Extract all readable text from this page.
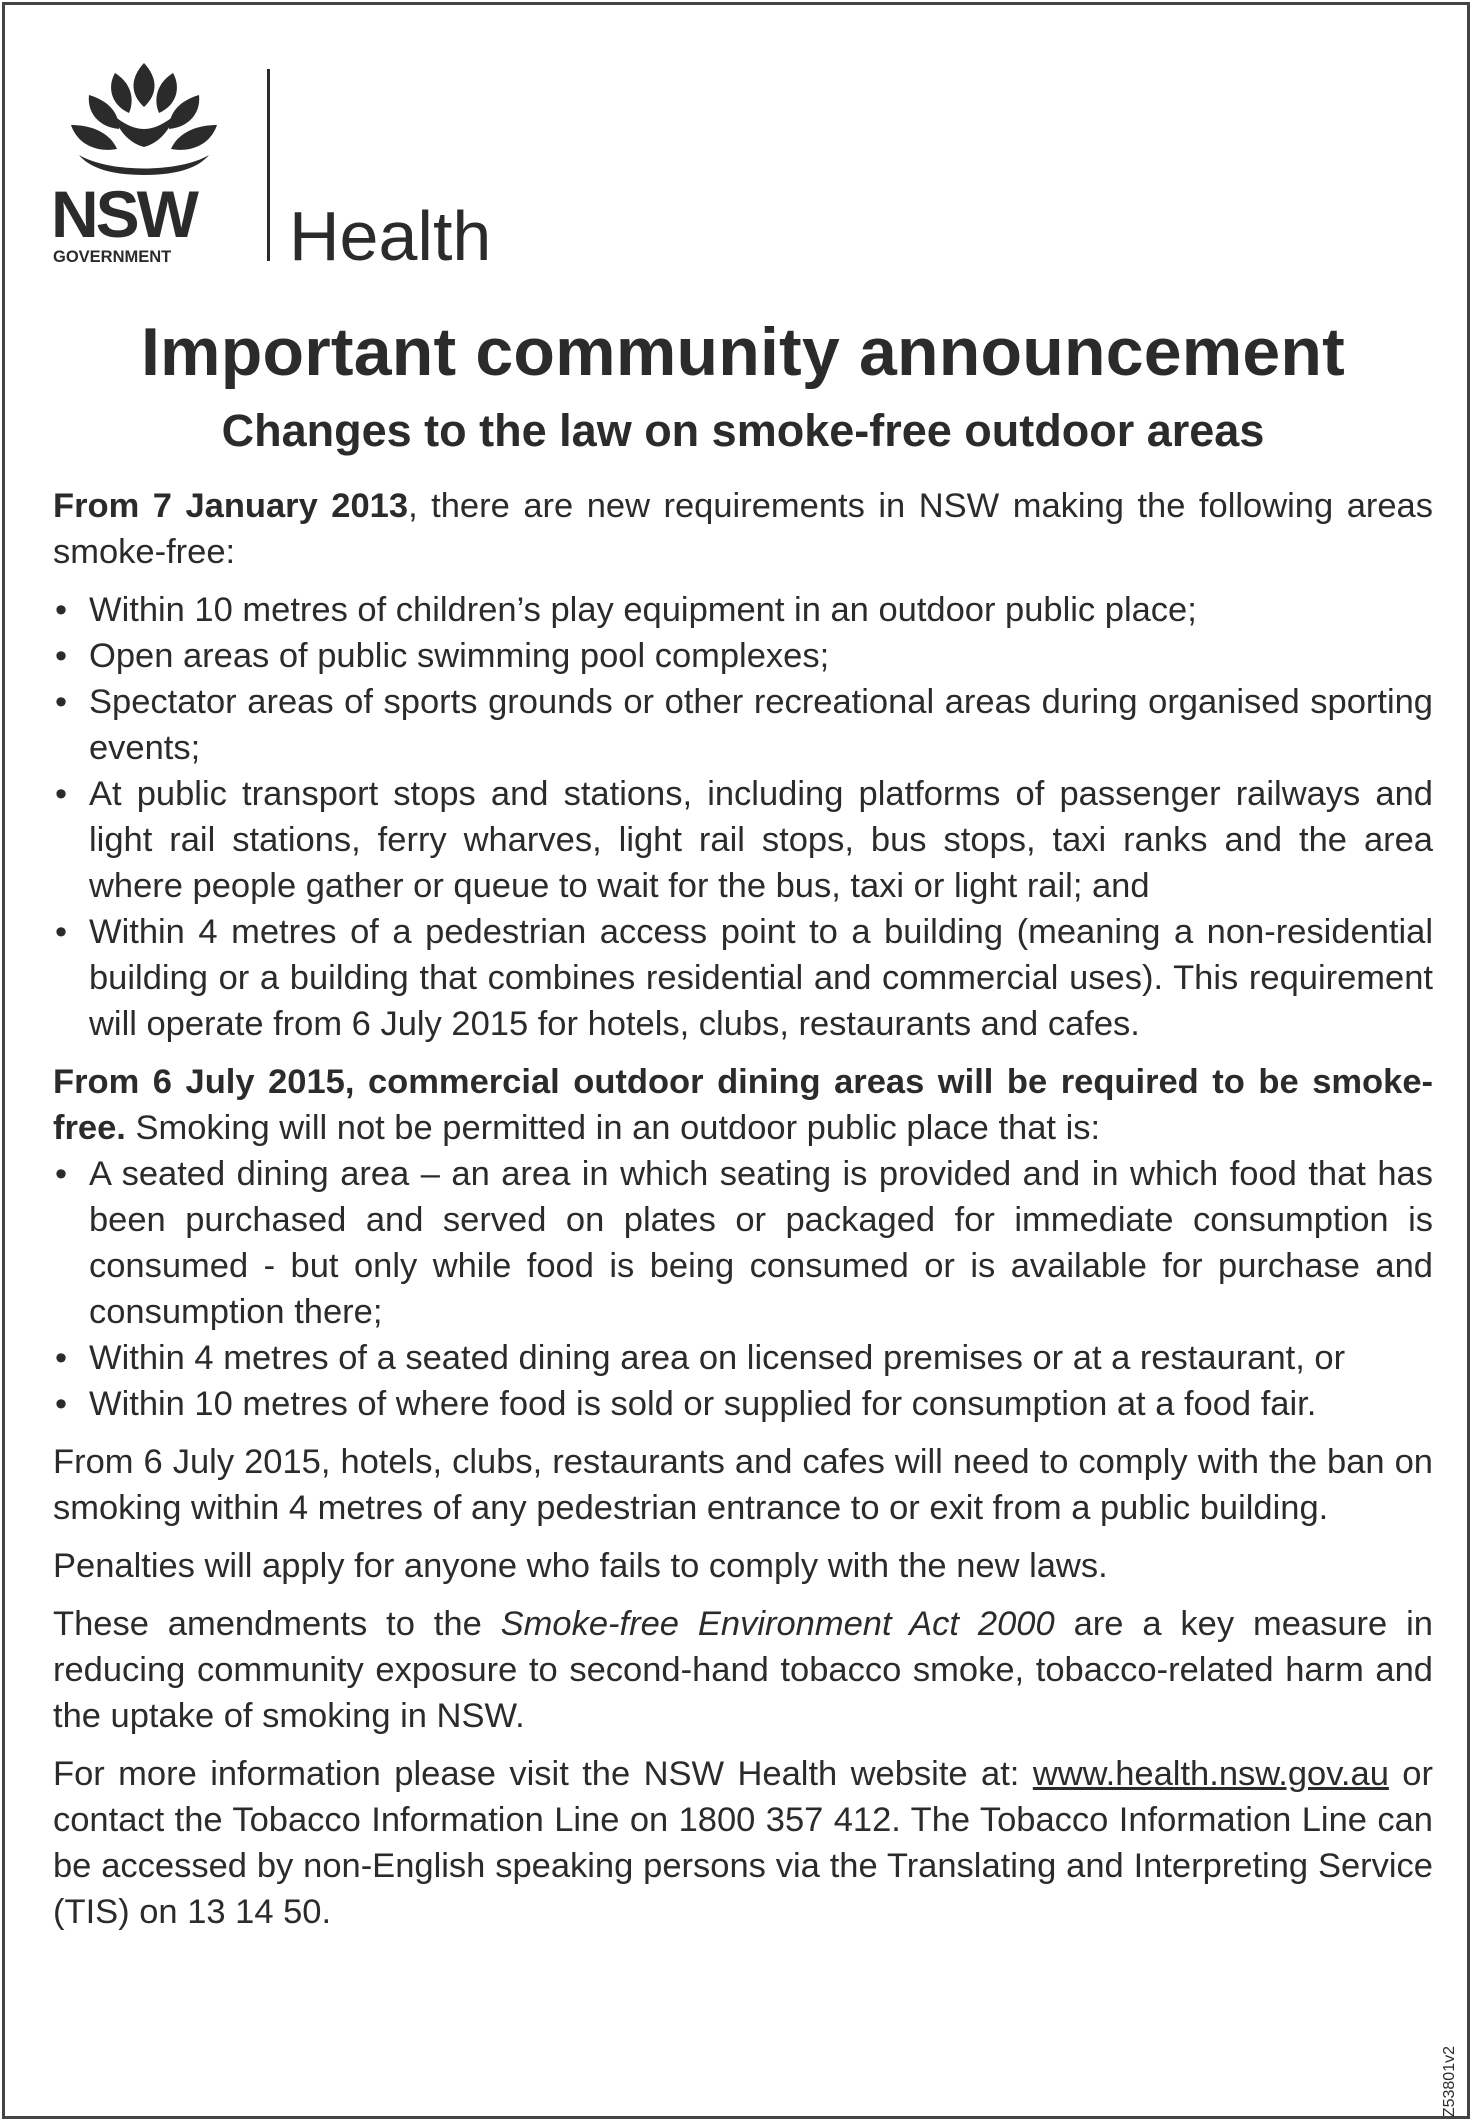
NSW
GOVERNMENT Health
Important community announcement
Changes to the law on smoke-free outdoor areas

From 7 January 2013, there are new requirements in NSW making the following areas smoke-free:

• Within 10 metres of children’s play equipment in an outdoor public place;
• Open areas of public swimming pool complexes;
• Spectator areas of sports grounds or other recreational areas during organised sporting events;
• At public transport stops and stations, including platforms of passenger railways and light rail stations, ferry wharves, light rail stops, bus stops, taxi ranks and the area where people gather or queue to wait for the bus, taxi or light rail; and
• Within 4 metres of a pedestrian access point to a building (meaning a non-residential building or a building that combines residential and commercial uses). This requirement will operate from 6 July 2015 for hotels, clubs, restaurants and cafes.

From 6 July 2015, commercial outdoor dining areas will be required to be smoke-free. Smoking will not be permitted in an outdoor public place that is:

• A seated dining area – an area in which seating is provided and in which food that has been purchased and served on plates or packaged for immediate consumption is consumed - but only while food is being consumed or is available for purchase and consumption there;
• Within 4 metres of a seated dining area on licensed premises or at a restaurant, or
• Within 10 metres of where food is sold or supplied for consumption at a food fair.

From 6 July 2015, hotels, clubs, restaurants and cafes will need to comply with the ban on smoking within 4 metres of any pedestrian entrance to or exit from a public building.

Penalties will apply for anyone who fails to comply with the new laws.

These amendments to the Smoke-free Environment Act 2000 are a key measure in reducing community exposure to second-hand tobacco smoke, tobacco-related harm and the uptake of smoking in NSW.

For more information please visit the NSW Health website at: www.health.nsw.gov.au or contact the Tobacco Information Line on 1800 357 412. The Tobacco Information Line can be accessed by non-English speaking persons via the Translating and Interpreting Service (TIS) on 13 14 50.

Z53801v2
